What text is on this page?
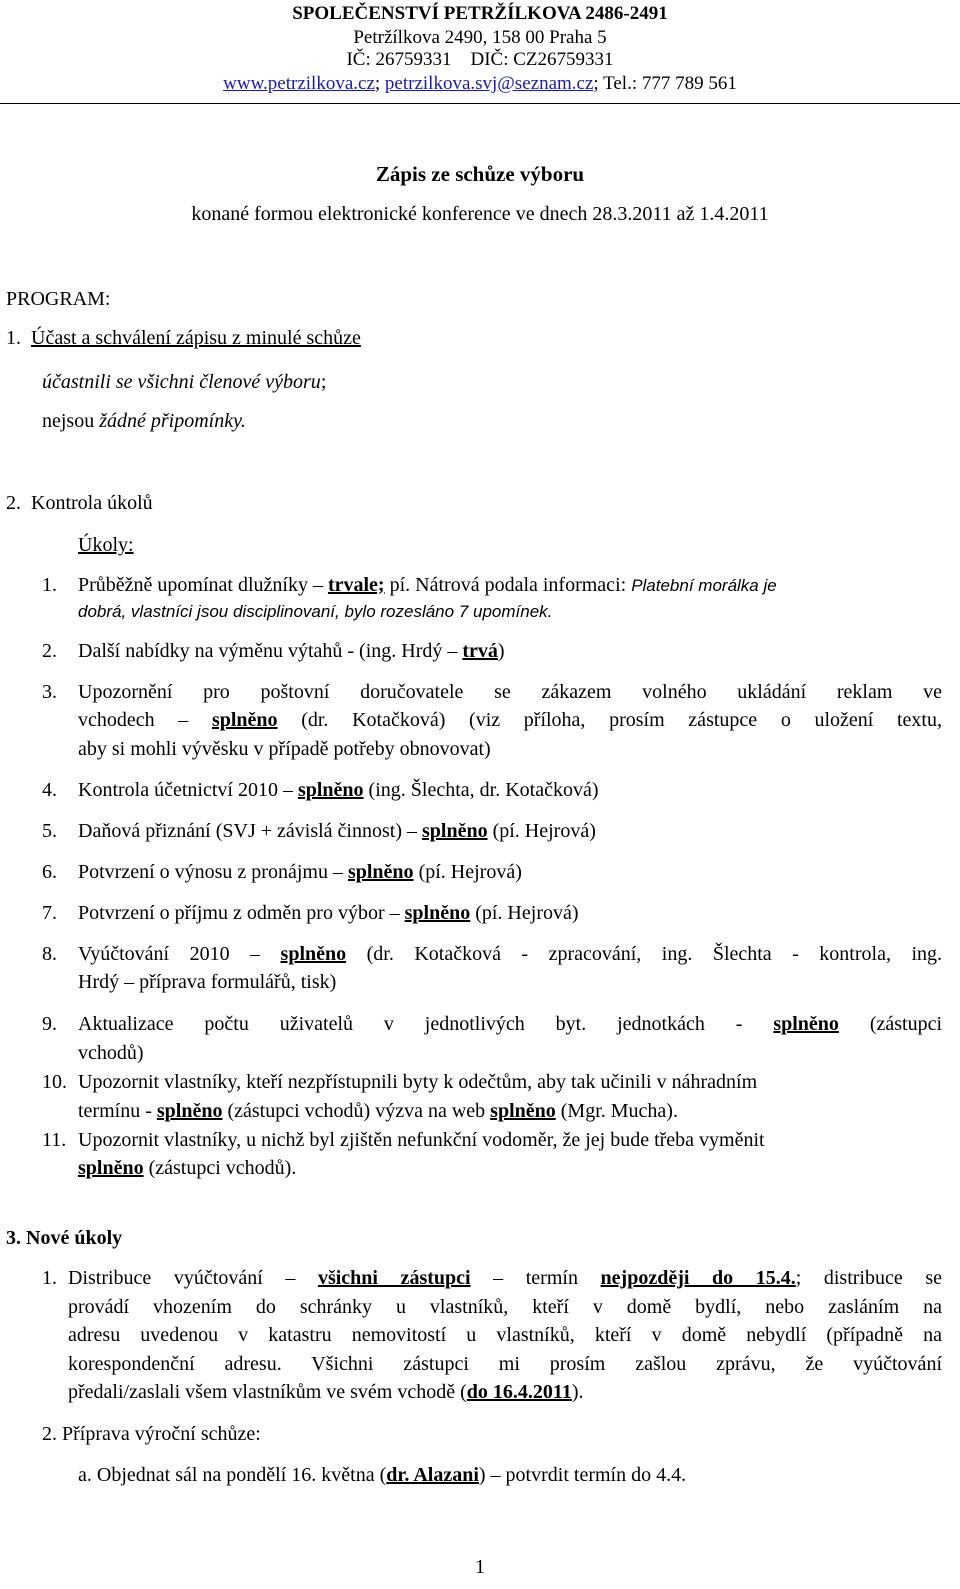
SPOLEČENSTVÍ PETRŽÍLKOVA 2486-2491
Petržílkova 2490, 158 00 Praha 5
IČ: 26759331 DIČ: CZ26759331
www.petrzilkova.cz; petrzilkova.svj@seznam.cz; Tel.: 777 789 561
Zápis ze schůze výboru
konané formou elektronické konference ve dnech 28.3.2011 až 1.4.2011
PROGRAM:
1. Účast a schválení zápisu z minulé schůze
účastnili se všichni členové výboru;
nejsou žádné připomínky.
2. Kontrola úkolů
Úkoly:
1. Průběžně upomínat dlužníky – trvale; pí. Nátrová podala informaci: Platební morálka je
dobrá, vlastníci jsou disciplinovaní, bylo rozesláno 7 upomínek.
2. Další nabídky na výměnu výtahů - (ing. Hrdý – trvá)
3. Upozornění pro poštovní doručovatele se zákazem volného ukládání reklam ve
vchodech – splněno (dr. Kotačková) (viz příloha, prosím zástupce o uložení textu,
aby si mohli vývěsku v případě potřeby obnovovat)
4. Kontrola účetnictví 2010 – splněno (ing. Šlechta, dr. Kotačková)
5. Daňová přiznání (SVJ + závislá činnost) – splněno (pí. Hejrová)
6. Potvrzení o výnosu z pronájmu – splněno (pí. Hejrová)
7. Potvrzení o příjmu z odměn pro výbor – splněno (pí. Hejrová)
8. Vyúčtování 2010 – splněno (dr. Kotačková - zpracování, ing. Šlechta - kontrola, ing.
Hrdý – příprava formulářů, tisk)
9. Aktualizace počtu uživatelů v jednotlivých byt. jednotkách - splněno (zástupci
vchodů)
10. Upozornit vlastníky, kteří nezpřístupnili byty k odečtům, aby tak učinili v náhradním
termínu - splněno (zástupci vchodů) výzva na web splněno (Mgr. Mucha).
11. Upozornit vlastníky, u nichž byl zjištěn nefunkční vodoměr, že jej bude třeba vyměnit
splněno (zástupci vchodů).
3. Nové úkoly
1. Distribuce vyúčtování – všichni zástupci – termín nejpozději do 15.4.; distribuce se
provádí vhozením do schránky u vlastníků, kteří v domě bydlí, nebo zasláním na
adresu uvedenou v katastru nemovitostí u vlastníků, kteří v domě nebydlí (případně na
korespondenční adresu. Všichni zástupci mi prosím zašlou zprávu, že vyúčtování
předali/zaslali všem vlastníkům ve svém vchodě (do 16.4.2011).
2. Příprava výroční schůze:
a. Objednat sál na pondělí 16. května (dr. Alazani) – potvrdit termín do 4.4.
1
